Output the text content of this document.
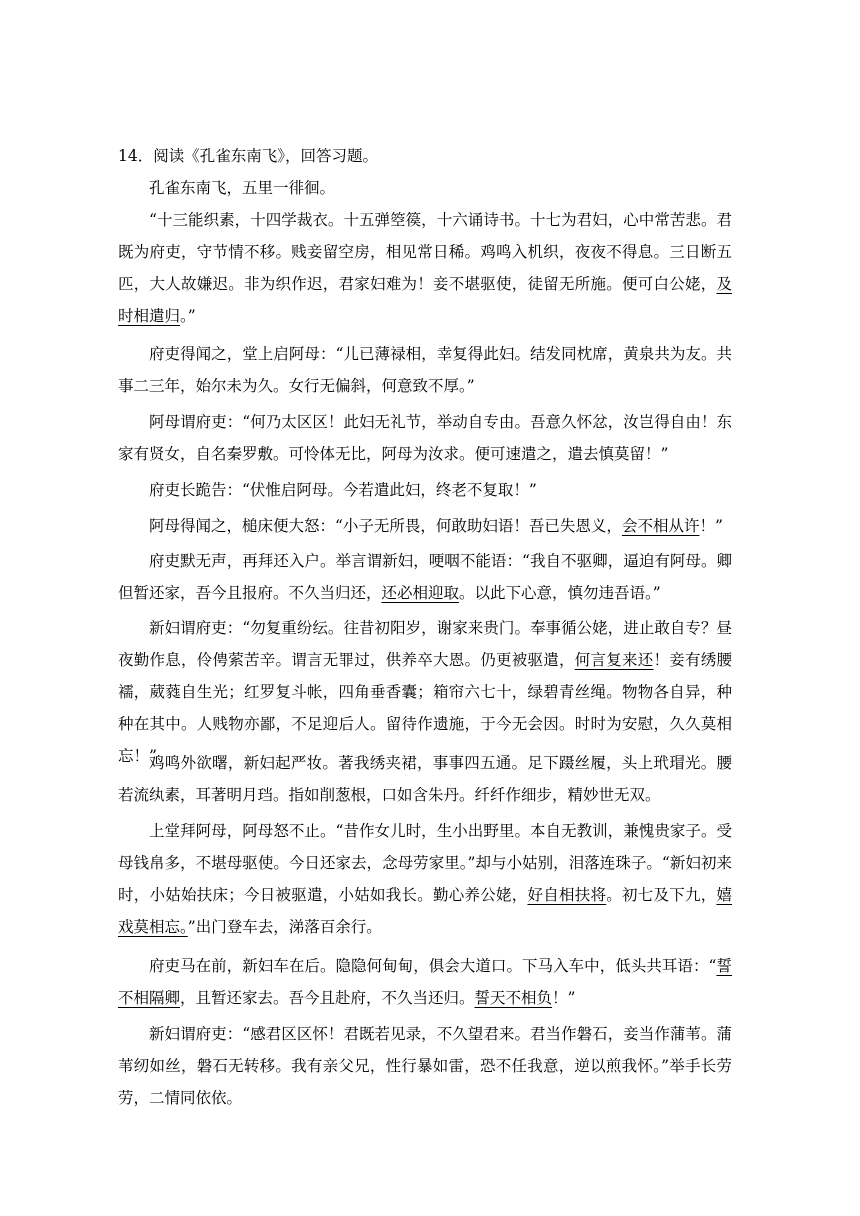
14．阅读《孔雀东南飞》，回答习题。
孔雀东南飞，五里一徘徊。
“十三能织素，十四学裁衣。十五弹箜篌，十六诵诗书。十七为君妇，心中常苦悲。君既为府吏，守节情不移。贱妾留空房，相见常日稀。鸡鸣入机织，夜夜不得息。三日断五匹，大人故嫌迟。非为织作迟，君家妇难为！妾不堪驱使，徒留无所施。便可白公姥，及时相遣归。”
府吏得闻之，堂上启阿母：“儿已薄禄相，幸复得此妇。结发同枕席，黄泉共为友。共事二三年，始尔未为久。女行无偏斜，何意致不厚。”
阿母谓府吏：“何乃太区区！此妇无礼节，举动自专由。吾意久怀忿，汝岂得自由！东家有贤女，自名秦罗敷。可怜体无比，阿母为汝求。便可速遣之，遣去慎莫留！”
府吏长跪告：“伏惟启阿母。今若遣此妇，终老不复取！”
阿母得闻之，槌床便大怒：“小子无所畏，何敢助妇语！吾已失恩义，会不相从许！”
府吏默无声，再拜还入户。举言谓新妇，哽咽不能语：“我自不驱卿，逼迫有阿母。卿但暂还家，吾今且报府。不久当归还，还必相迎取。以此下心意，慎勿违吾语。”
新妇谓府吏：“勿复重纷纭。往昔初阳岁，谢家来贵门。奉事循公姥，进止敢自专？昼夜勤作息，伶俜萦苦辛。谓言无罪过，供养卒大恩。仍更被驱遣，何言复来还！妾有绣腰襦，葳蕤自生光；红罗复斗帐，四角垂香囊；箱帘六七十，绿碧青丝绳。物物各自异，种种在其中。人贱物亦鄙，不足迎后人。留待作遗施，于今无会因。时时为安慰，久久莫相忘！”
鸡鸣外欲曙，新妇起严妆。著我绣夹裙，事事四五通。足下蹑丝履，头上玳瑁光。腰若流纨素，耳著明月珰。指如削葱根，口如含朱丹。纤纤作细步，精妙世无双。
上堂拜阿母，阿母怒不止。“昔作女儿时，生小出野里。本自无教训，兼愧贵家子。受母钱帛多，不堪母驱使。今日还家去，念母劳家里。”却与小姑别，泪落连珠子。“新妇初来时，小姑始扶床；今日被驱遣，小姑如我长。勤心养公姥，好自相扶将。初七及下九，嬉戏莫相忘。”出门登车去，涕落百余行。
府吏马在前，新妇车在后。隐隐何甸甸，俱会大道口。下马入车中，低头共耳语：“誓不相隔卿，且暂还家去。吾今且赴府，不久当还归。誓天不相负！”
新妇谓府吏：“感君区区怀！君既若见录，不久望君来。君当作磐石，妾当作蒲苇。蒲苇纫如丝，磐石无转移。我有亲父兄，性行暴如雷，恐不任我意，逆以煎我怀。”举手长劳劳，二情同依依。
